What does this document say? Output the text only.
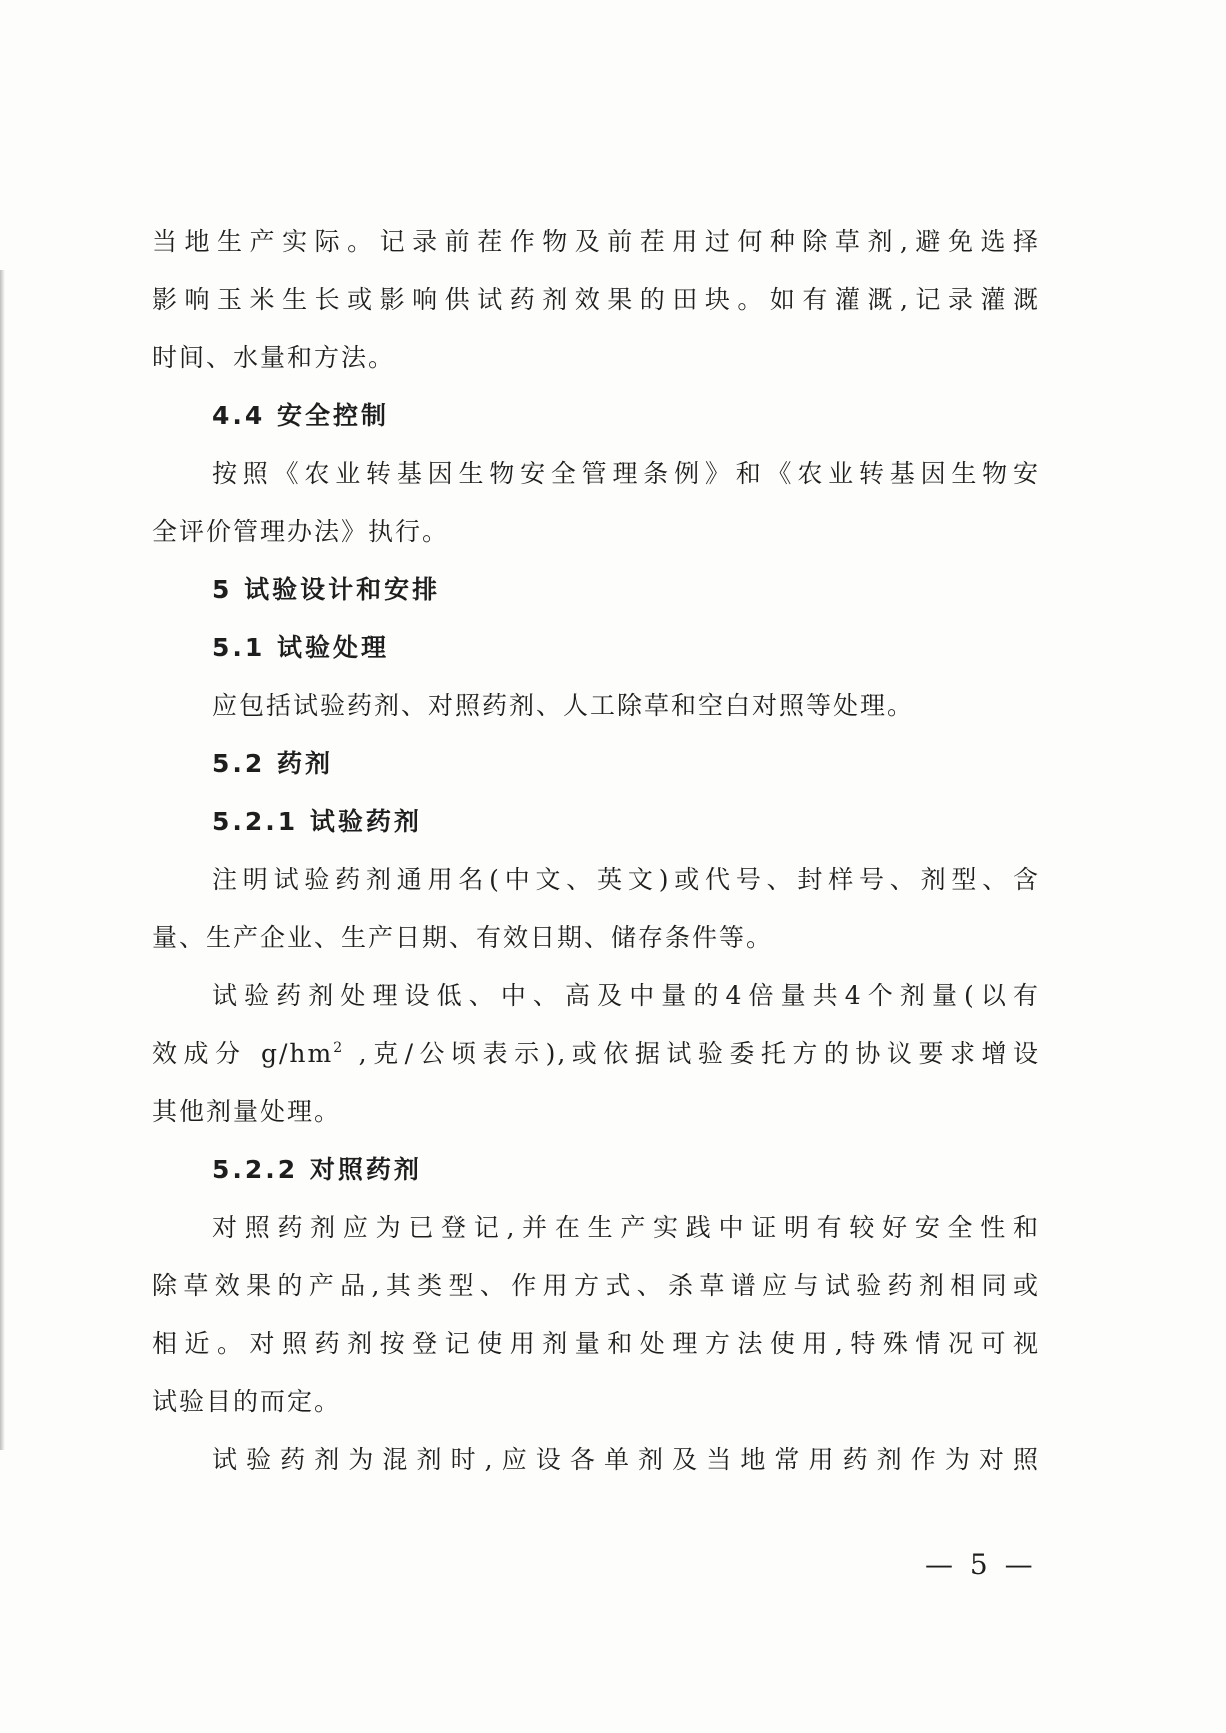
当地生产实际。记录前茬作物及前茬用过何种除草剂,避免选择
影响玉米生长或影响供试药剂效果的田块。如有灌溉,记录灌溉
时间、水量和方法。
4.4 安全控制
按照《农业转基因生物安全管理条例》和《农业转基因生物安
全评价管理办法》执行。
5 试验设计和安排
5.1 试验处理
应包括试验药剂、对照药剂、人工除草和空白对照等处理。
5.2 药剂
5.2.1 试验药剂
注明试验药剂通用名(中文、英文)或代号、封样号、剂型、含
量、生产企业、生产日期、有效日期、储存条件等。
试验药剂处理设低、中、高及中量的4倍量共4个剂量(以有
效成分 $g/hm^2$ ,克/公顷表示),或依据试验委托方的协议要求增设
其他剂量处理。
5.2.2 对照药剂
对照药剂应为已登记,并在生产实践中证明有较好安全性和
除草效果的产品,其类型、作用方式、杀草谱应与试验药剂相同或
相近。对照药剂按登记使用剂量和处理方法使用,特殊情况可视
试验目的而定。
试验药剂为混剂时,应设各单剂及当地常用药剂作为对照
— 5 —
